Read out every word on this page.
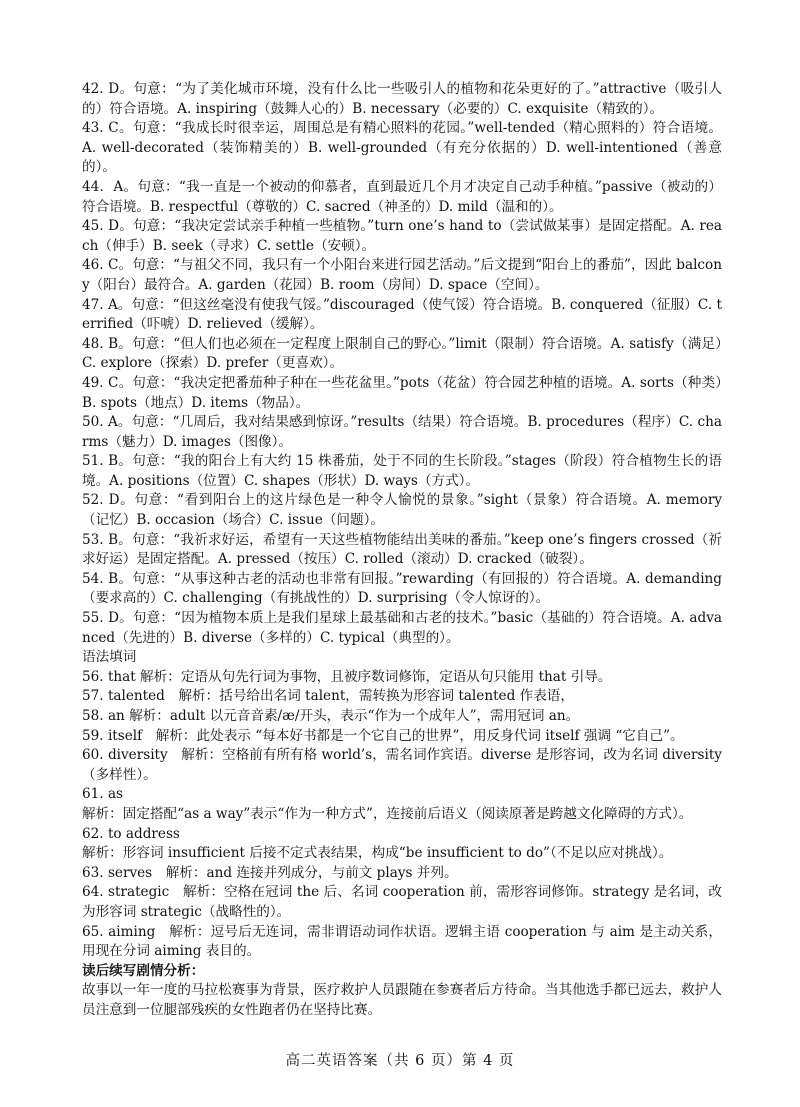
42. D。句意：“为了美化城市环境，没有什么比一些吸引人的植物和花朵更好的了。”attractive（吸引人的）符合语境。A. inspiring（鼓舞人心的）B. necessary（必要的）C. exquisite（精致的）。

43. C。句意：“我成长时很幸运，周围总是有精心照料的花园。”well-tended（精心照料的）符合语境。A. well-decorated（装饰精美的）B. well-grounded（有充分依据的）D. well-intentioned（善意的）。

44．A。句意：“我一直是一个被动的仰慕者，直到最近几个月才决定自己动手种植。”passive（被动的）符合语境。B. respectful（尊敬的）C. sacred（神圣的）D. mild（温和的）。

45. D。句意：“我决定尝试亲手种植一些植物。”turn one’s hand to（尝试做某事）是固定搭配。A. reach（伸手）B. seek（寻求）C. settle（安顿）。

46. C。句意：“与祖父不同，我只有一个小阳台来进行园艺活动。”后文提到“阳台上的番茄”，因此 balcony（阳台）最符合。A. garden（花园）B. room（房间）D. space（空间）。

47. A。句意：“但这丝毫没有使我气馁。”discouraged（使气馁）符合语境。B. conquered（征服）C. terrified（吓唬）D. relieved（缓解）。

48. B。句意：“但人们也必须在一定程度上限制自己的野心。”limit（限制）符合语境。A. satisfy（满足）C. explore（探索）D. prefer（更喜欢）。

49. C。句意：“我决定把番茄种子种在一些花盆里。”pots（花盆）符合园艺种植的语境。A. sorts（种类）B. spots（地点）D. items（物品）。

50. A。句意：“几周后，我对结果感到惊讶。”results（结果）符合语境。B. procedures（程序）C. charms（魅力）D. images（图像）。

51. B。句意：“我的阳台上有大约 15 株番茄，处于不同的生长阶段。”stages（阶段）符合植物生长的语境。A. positions（位置）C. shapes（形状）D. ways（方式）。

52. D。句意：“看到阳台上的这片绿色是一种令人愉悦的景象。”sight（景象）符合语境。A. memory（记忆）B. occasion（场合）C. issue（问题）。

53. B。句意：“我祈求好运，希望有一天这些植物能结出美味的番茄。”keep one’s fingers crossed（祈求好运）是固定搭配。A. pressed（按压）C. rolled（滚动）D. cracked（破裂）。

54. B。句意：“从事这种古老的活动也非常有回报。”rewarding（有回报的）符合语境。A. demanding（要求高的）C. challenging（有挑战性的）D. surprising（令人惊讶的）。

55. D。句意：“因为植物本质上是我们星球上最基础和古老的技术。”basic（基础的）符合语境。A. advanced（先进的）B. diverse（多样的）C. typical（典型的）。

语法填词

56. that 解析：定语从句先行词为事物，且被序数词修饰，定语从句只能用 that 引导。

57. talented　解析：括号给出名词 talent，需转换为形容词 talented 作表语，

58. an 解析：adult 以元音音素/æ/开头，表示“作为一个成年人”，需用冠词 an。

59. itself　解析：此处表示 “每本好书都是一个它自己的世界”，用反身代词 itself 强调 “它自己”。

60. diversity　解析：空格前有所有格 world’s，需名词作宾语。diverse 是形容词，改为名词 diversity（多样性）。

61. as

解析：固定搭配“as a way”表示“作为一种方式”，连接前后语义（阅读原著是跨越文化障碍的方式）。

62. to address

解析：形容词 insufficient 后接不定式表结果，构成“be insufficient to do”（不足以应对挑战）。

63. serves　解析：and 连接并列成分，与前文 plays 并列。

64. strategic　解析：空格在冠词 the 后、名词 cooperation 前，需形容词修饰。strategy 是名词，改为形容词 strategic（战略性的）。

65. aiming　解析：逗号后无连词，需非谓语动词作状语。逻辑主语 cooperation 与 aim 是主动关系，用现在分词 aiming 表目的。

读后续写剧情分析：

故事以一年一度的马拉松赛事为背景，医疗救护人员跟随在参赛者后方待命。当其他选手都已远去，救护人员注意到一位腿部残疾的女性跑者仍在坚持比赛。

高二英语答案（共 6 页）第 4 页
